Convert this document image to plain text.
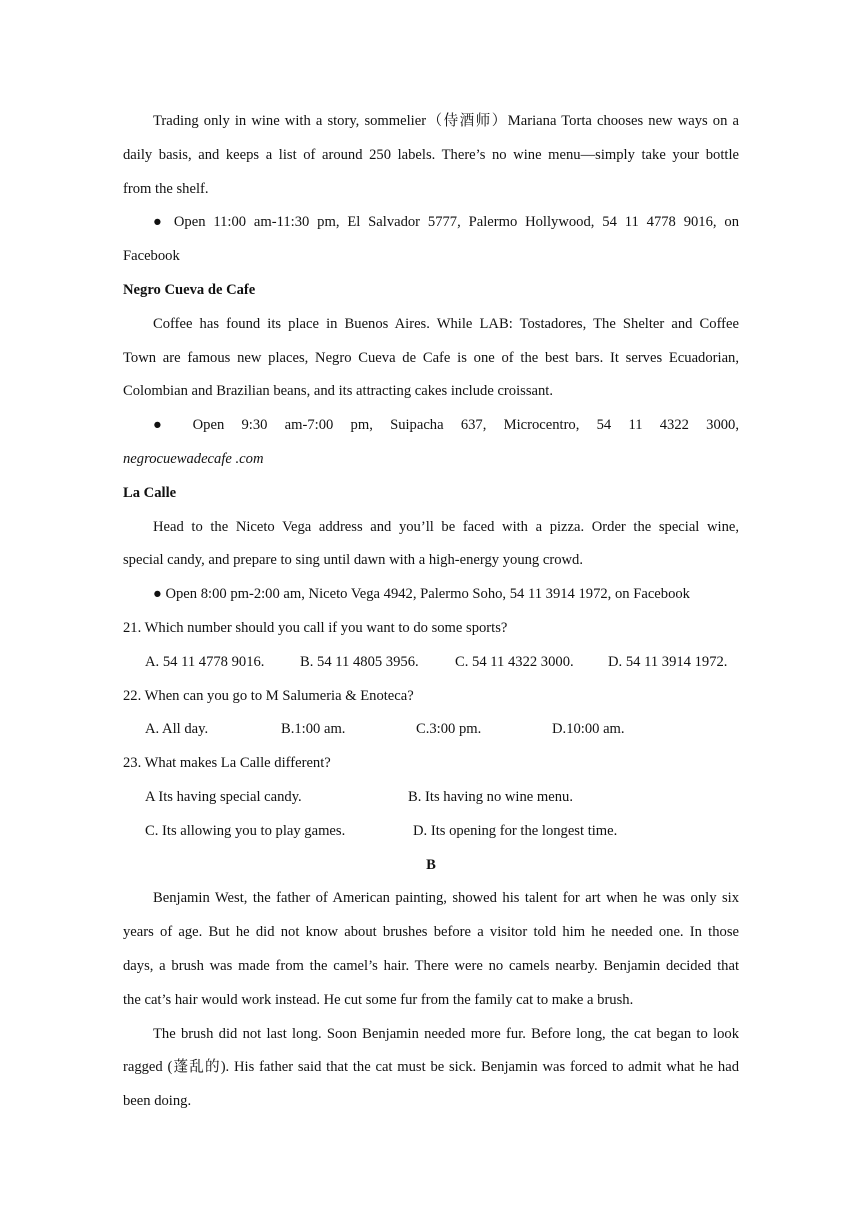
Trading only in wine with a story, sommelier（侍酒师）Mariana Torta chooses new ways on a
daily basis, and keeps a list of around 250 labels. There’s no wine menu—simply take your bottle
from the shelf.
● Open 11:00 am-11:30 pm, El Salvador 5777, Palermo Hollywood, 54 11 4778 9016, on
Facebook
Negro Cueva de Cafe
Coffee has found its place in Buenos Aires. While LAB: Tostadores, The Shelter and Coffee
Town are famous new places, Negro Cueva de Cafe is one of the best bars. It serves Ecuadorian,
Colombian and Brazilian beans, and its attracting cakes include croissant.
● Open 9:30 am-7:00 pm, Suipacha 637, Microcentro, 54 11 4322 3000,
negrocuewadecafe .com
La Calle
Head to the Niceto Vega address and you’ll be faced with a pizza. Order the special wine,
special candy, and prepare to sing until dawn with a high-energy young crowd.
● Open 8:00 pm-2:00 am, Niceto Vega 4942, Palermo Soho, 54 11 3914 1972, on Facebook
21. Which number should you call if you want to do some sports?
A. 54 11 4778 9016. B. 54 11 4805 3956. C. 54 11 4322 3000. D. 54 11 3914 1972.
22. When can you go to M Salumeria & Enoteca?
A. All day.	B.1:00 am.	C.3:00 pm.	D.10:00 am.
23. What makes La Calle different?
A Its having special candy.	B. Its having no wine menu.
C. Its allowing you to play games.	D. Its opening for the longest time.
B
Benjamin West, the father of American painting, showed his talent for art when he was only six
years of age. But he did not know about brushes before a visitor told him he needed one. In those
days, a brush was made from the camel’s hair. There were no camels nearby. Benjamin decided that
the cat’s hair would work instead. He cut some fur from the family cat to make a brush.
The brush did not last long. Soon Benjamin needed more fur. Before long, the cat began to look
ragged (蓬乱的). His father said that the cat must be sick. Benjamin was forced to admit what he had
been doing.
